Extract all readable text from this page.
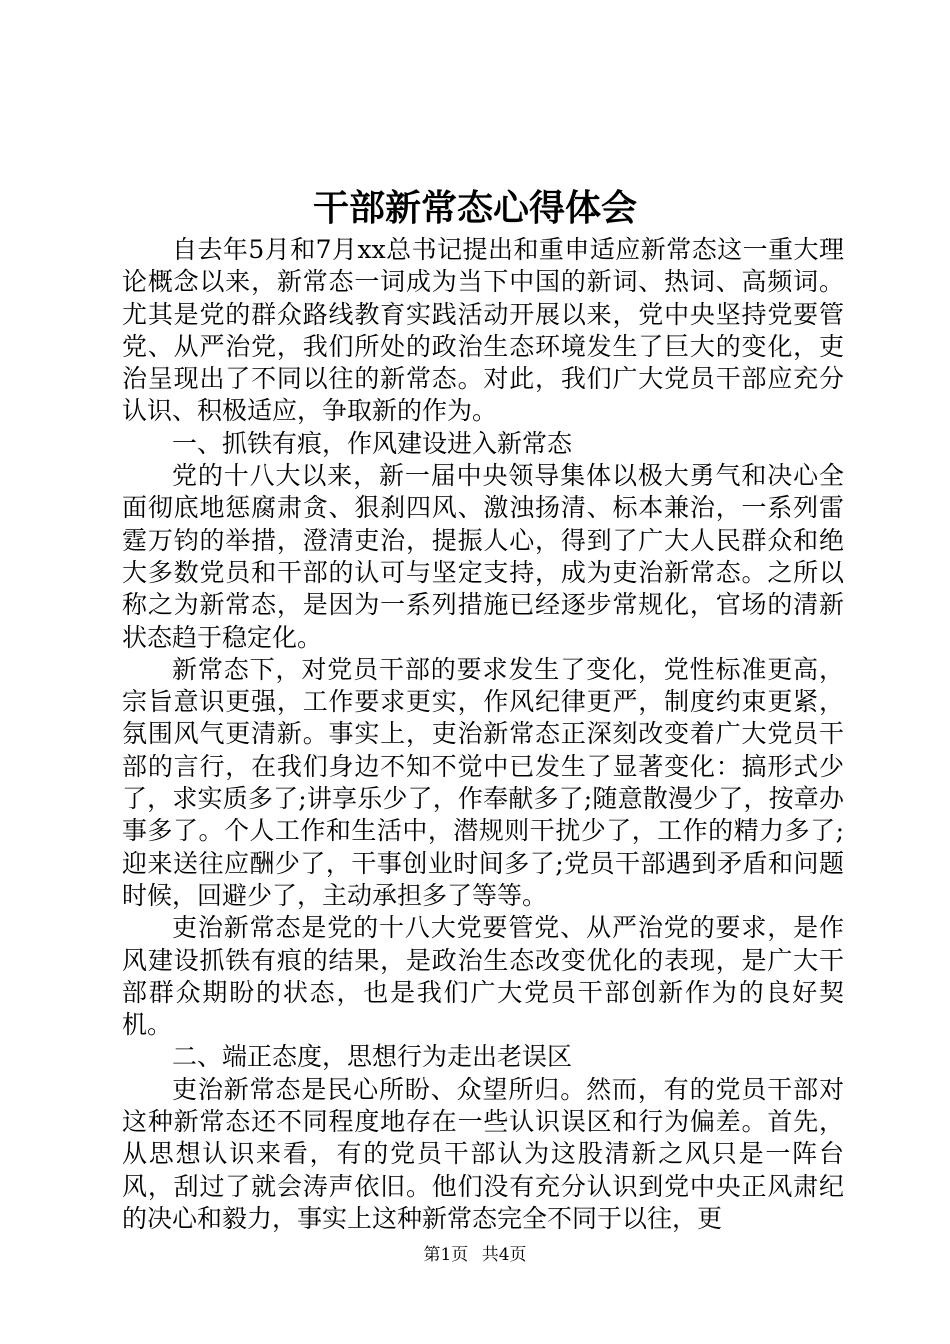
干部新常态心得体会

自去年5月和7月xx总书记提出和重申适应新常态这一重大理论概念以来，新常态一词成为当下中国的新词、热词、高频词。尤其是党的群众路线教育实践活动开展以来，党中央坚持党要管党、从严治党，我们所处的政治生态环境发生了巨大的变化，吏治呈现出了不同以往的新常态。对此，我们广大党员干部应充分认识、积极适应，争取新的作为。

一、抓铁有痕，作风建设进入新常态

党的十八大以来，新一届中央领导集体以极大勇气和决心全面彻底地惩腐肃贪、狠刹四风、激浊扬清、标本兼治，一系列雷霆万钧的举措，澄清吏治，提振人心，得到了广大人民群众和绝大多数党员和干部的认可与坚定支持，成为吏治新常态。之所以称之为新常态，是因为一系列措施已经逐步常规化，官场的清新状态趋于稳定化。

新常态下，对党员干部的要求发生了变化，党性标准更高，宗旨意识更强，工作要求更实，作风纪律更严，制度约束更紧，氛围风气更清新。事实上，吏治新常态正深刻改变着广大党员干部的言行，在我们身边不知不觉中已发生了显著变化：搞形式少了，求实质多了;讲享乐少了，作奉献多了;随意散漫少了，按章办事多了。个人工作和生活中，潜规则干扰少了，工作的精力多了;迎来送往应酬少了，干事创业时间多了;党员干部遇到矛盾和问题时候，回避少了，主动承担多了等等。

吏治新常态是党的十八大党要管党、从严治党的要求，是作风建设抓铁有痕的结果，是政治生态改变优化的表现，是广大干部群众期盼的状态，也是我们广大党员干部创新作为的良好契机。

二、端正态度，思想行为走出老误区

吏治新常态是民心所盼、众望所归。然而，有的党员干部对这种新常态还不同程度地存在一些认识误区和行为偏差。首先，从思想认识来看，有的党员干部认为这股清新之风只是一阵台风，刮过了就会涛声依旧。他们没有充分认识到党中央正风肃纪的决心和毅力，事实上这种新常态完全不同于以往，更

第1页 共4页
